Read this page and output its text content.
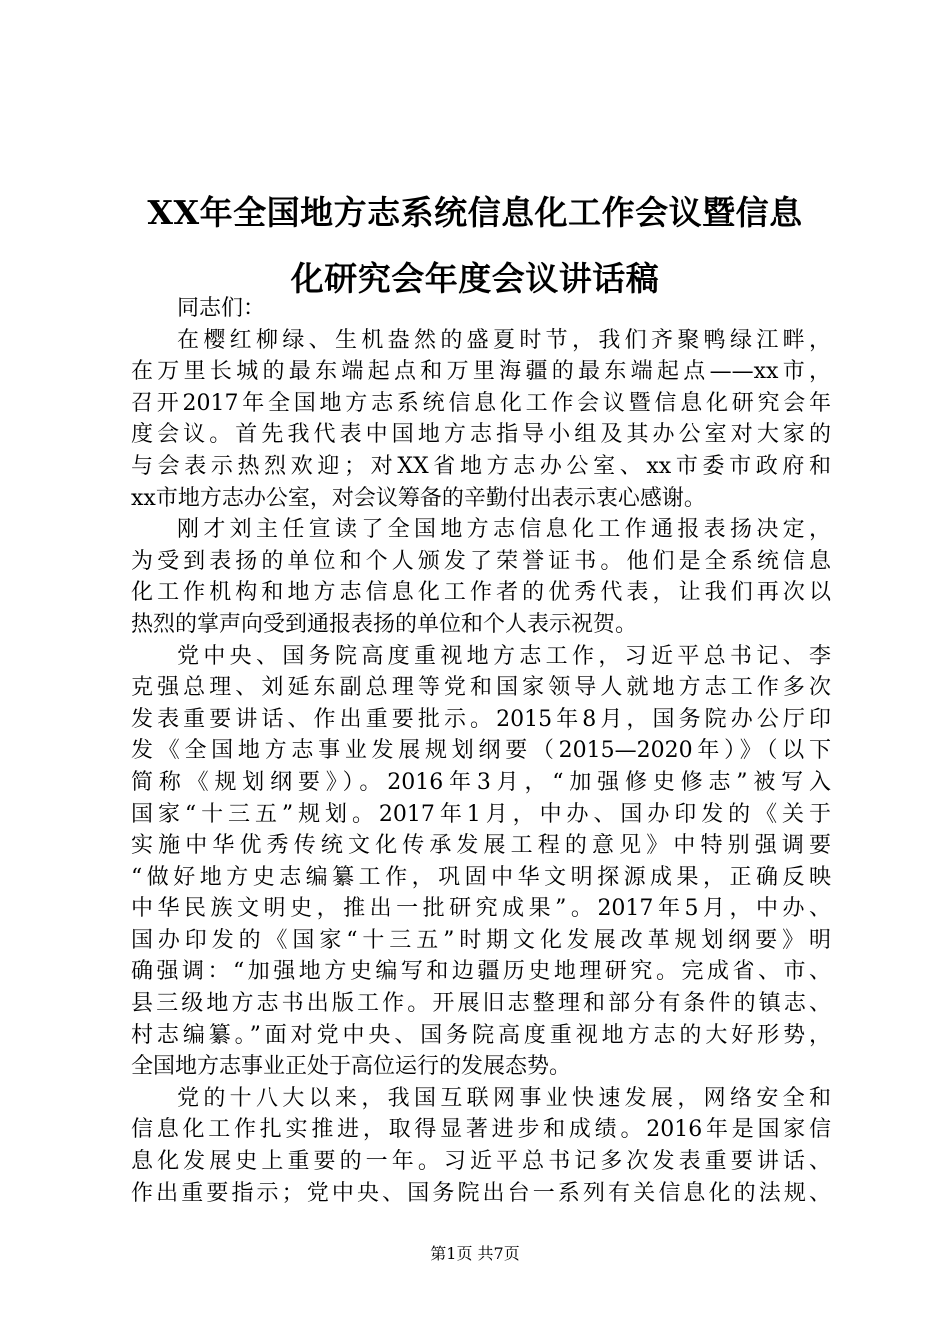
XX年全国地方志系统信息化工作会议暨信息
化研究会年度会议讲话稿
同志们：
在樱红柳绿、生机盎然的盛夏时节，我们齐聚鸭绿江畔，
在万里长城的最东端起点和万里海疆的最东端起点——xx市，
召开2017年全国地方志系统信息化工作会议暨信息化研究会年
度会议。首先我代表中国地方志指导小组及其办公室对大家的
与会表示热烈欢迎；对XX省地方志办公室、xx市委市政府和
xx市地方志办公室，对会议筹备的辛勤付出表示衷心感谢。
刚才刘主任宣读了全国地方志信息化工作通报表扬决定，
为受到表扬的单位和个人颁发了荣誉证书。他们是全系统信息
化工作机构和地方志信息化工作者的优秀代表，让我们再次以
热烈的掌声向受到通报表扬的单位和个人表示祝贺。
党中央、国务院高度重视地方志工作，习近平总书记、李
克强总理、刘延东副总理等党和国家领导人就地方志工作多次
发表重要讲话、作出重要批示。2015年8月，国务院办公厅印
发《全国地方志事业发展规划纲要（2015—2020年）》（以下
简称《规划纲要》）。2016年3月，“加强修史修志”被写入
国家“十三五”规划。2017年1月，中办、国办印发的《关于
实施中华优秀传统文化传承发展工程的意见》中特别强调要
“做好地方史志编纂工作，巩固中华文明探源成果，正确反映
中华民族文明史，推出一批研究成果”。2017年5月，中办、
国办印发的《国家“十三五”时期文化发展改革规划纲要》明
确强调：“加强地方史编写和边疆历史地理研究。完成省、市、
县三级地方志书出版工作。开展旧志整理和部分有条件的镇志、
村志编纂。”面对党中央、国务院高度重视地方志的大好形势，
全国地方志事业正处于高位运行的发展态势。
党的十八大以来，我国互联网事业快速发展，网络安全和
信息化工作扎实推进，取得显著进步和成绩。2016年是国家信
息化发展史上重要的一年。习近平总书记多次发表重要讲话、
作出重要指示；党中央、国务院出台一系列有关信息化的法规、
第1页 共7页
